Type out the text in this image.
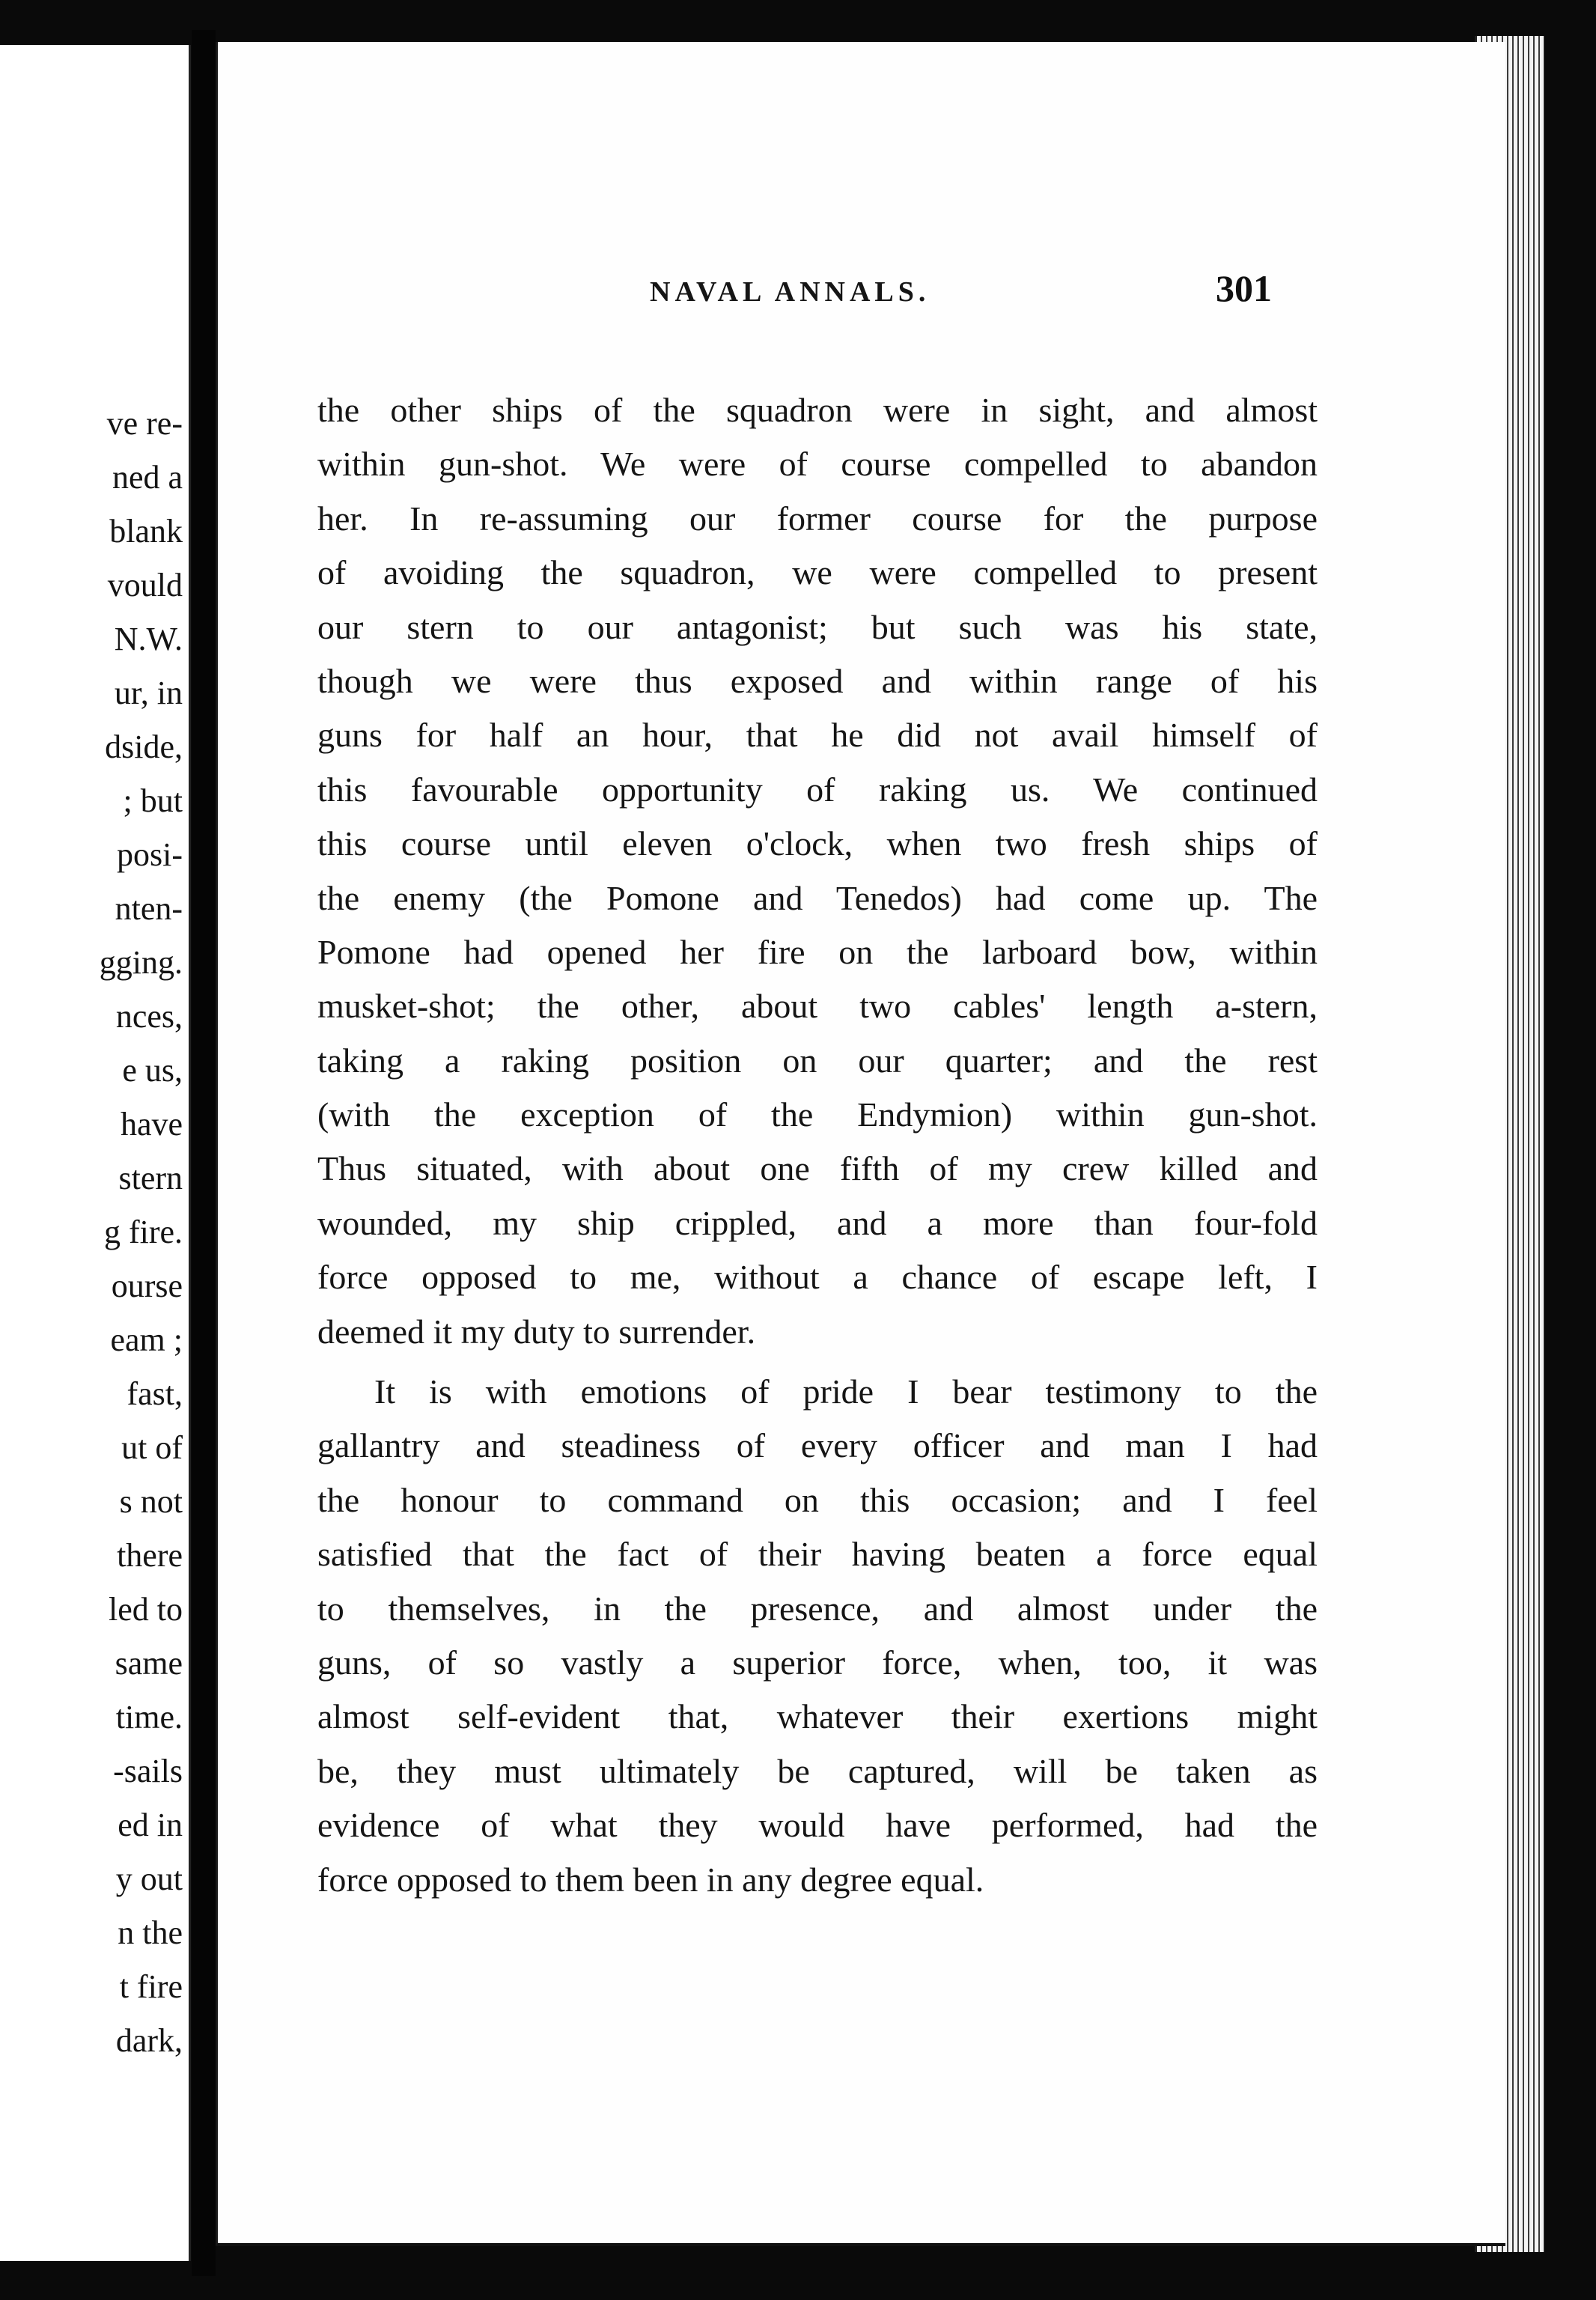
ve re-
ned a
blank
vould
N.W.
ur, in
dside,
; but
posi-
nten-
gging.
nces,
e us,
have
stern
g fire.
ourse
eam ;
fast,
ut of
s not
there
led to
same
time.
-sails
ed in
y out
n the
t fire
dark,
NAVAL ANNALS.	301
the other ships of the squadron were in sight, and almost
within gun-shot. We were of course compelled to abandon
her. In re-assuming our former course for the purpose
of avoiding the squadron, we were compelled to present
our stern to our antagonist; but such was his state,
though we were thus exposed and within range of his
guns for half an hour, that he did not avail himself of
this favourable opportunity of raking us. We continued
this course until eleven o'clock, when two fresh ships of
the enemy (the Pomone and Tenedos) had come up. The
Pomone had opened her fire on the larboard bow, within
musket-shot; the other, about two cables' length a-stern,
taking a raking position on our quarter; and the rest
(with the exception of the Endymion) within gun-shot.
Thus situated, with about one fifth of my crew killed and
wounded, my ship crippled, and a more than four-fold
force opposed to me, without a chance of escape left, I
deemed it my duty to surrender.
It is with emotions of pride I bear testimony to the
gallantry and steadiness of every officer and man I had
the honour to command on this occasion; and I feel
satisfied that the fact of their having beaten a force equal
to themselves, in the presence, and almost under the
guns, of so vastly a superior force, when, too, it was
almost self-evident that, whatever their exertions might
be, they must ultimately be captured, will be taken as
evidence of what they would have performed, had the
force opposed to them been in any degree equal.
